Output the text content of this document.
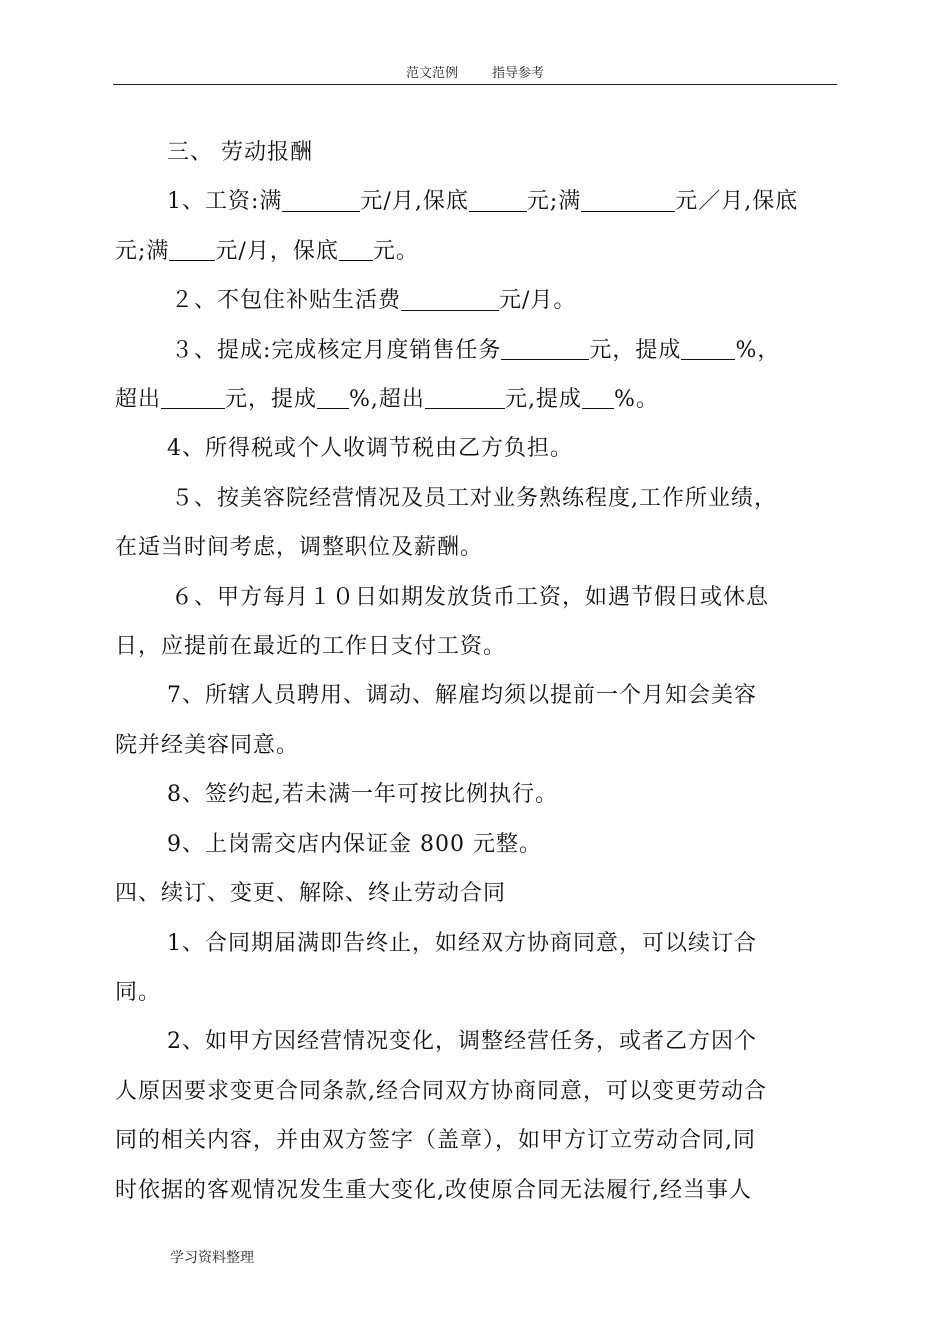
范文范例	指导参考

三、 劳动报酬

1、工资:满	元/月,保底	元;满	元／月,保底

元;满 元/月，保底 元。

２、不包住补贴生活费	元/月。

３、提成:完成核定月度销售任务	元，提成 %，

超出	元，提成 %,超出	元,提成 %。

4、所得税或个人收调节税由乙方负担。

５、按美容院经营情况及员工对业务熟练程度,工作所业绩，

在适当时间考虑，调整职位及薪酬。

６、甲方每月１０日如期发放货币工资，如遇节假日或休息

日，应提前在最近的工作日支付工资。

7、所辖人员聘用、调动、解雇均须以提前一个月知会美容

院并经美容同意。

8、签约起,若未满一年可按比例执行。

9、上岗需交店内保证金 800 元整。

四、续订、变更、解除、终止劳动合同

1、合同期届满即告终止，如经双方协商同意，可以续订合

同。

2、如甲方因经营情况变化，调整经营任务，或者乙方因个

人原因要求变更合同条款,经合同双方协商同意，可以变更劳动合

同的相关内容，并由双方签字（盖章），如甲方订立劳动合同,同

时依据的客观情况发生重大变化,改使原合同无法履行,经当事人

学习资料整理
